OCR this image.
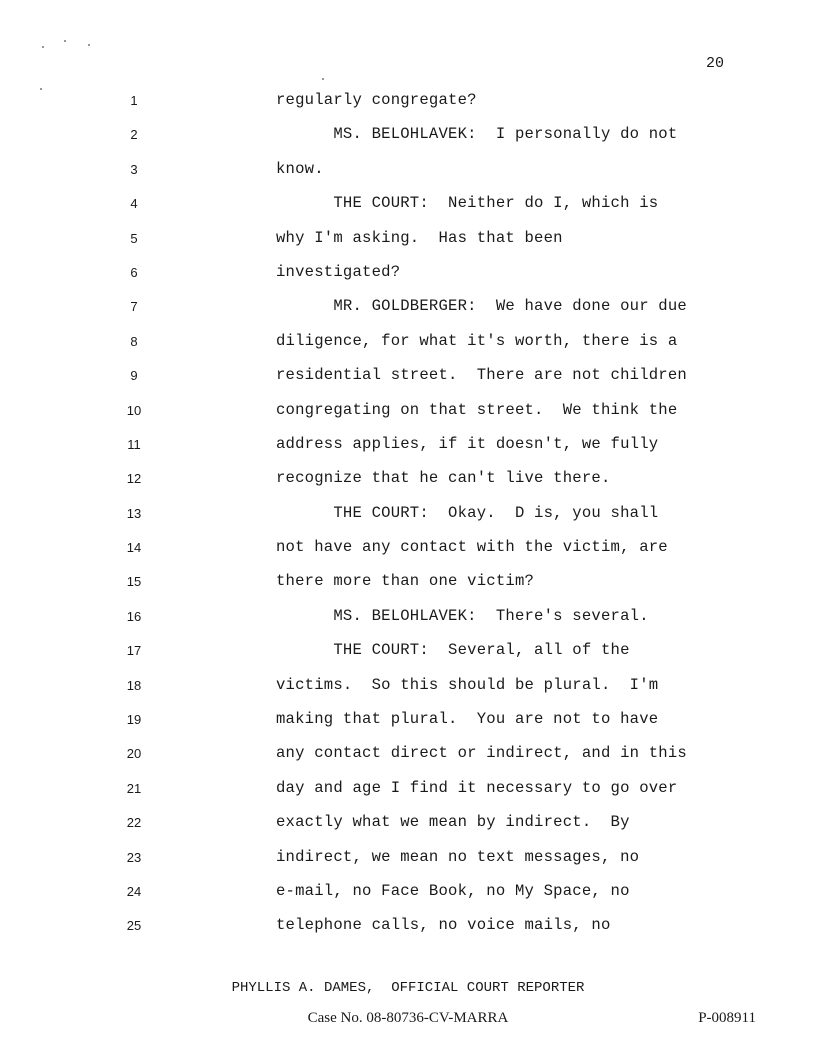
20
1	regularly congregate?
2	MS. BELOHLAVEK:  I personally do not
3	know.
4	THE COURT:  Neither do I, which is
5	why I'm asking.  Has that been
6	investigated?
7	MR. GOLDBERGER:  We have done our due
8	diligence, for what it's worth, there is a
9	residential street.  There are not children
10	congregating on that street.  We think the
11	address applies, if it doesn't, we fully
12	recognize that he can't live there.
13	THE COURT:  Okay.  D is, you shall
14	not have any contact with the victim, are
15	there more than one victim?
16	MS. BELOHLAVEK:  There's several.
17	THE COURT:  Several, all of the
18	victims.  So this should be plural.  I'm
19	making that plural.  You are not to have
20	any contact direct or indirect, and in this
21	day and age I find it necessary to go over
22	exactly what we mean by indirect.  By
23	indirect, we mean no text messages, no
24	e-mail, no Face Book, no My Space, no
25	telephone calls, no voice mails, no
PHYLLIS A. DAMES,  OFFICIAL COURT REPORTER
Case No. 08-80736-CV-MARRA	P-008911
